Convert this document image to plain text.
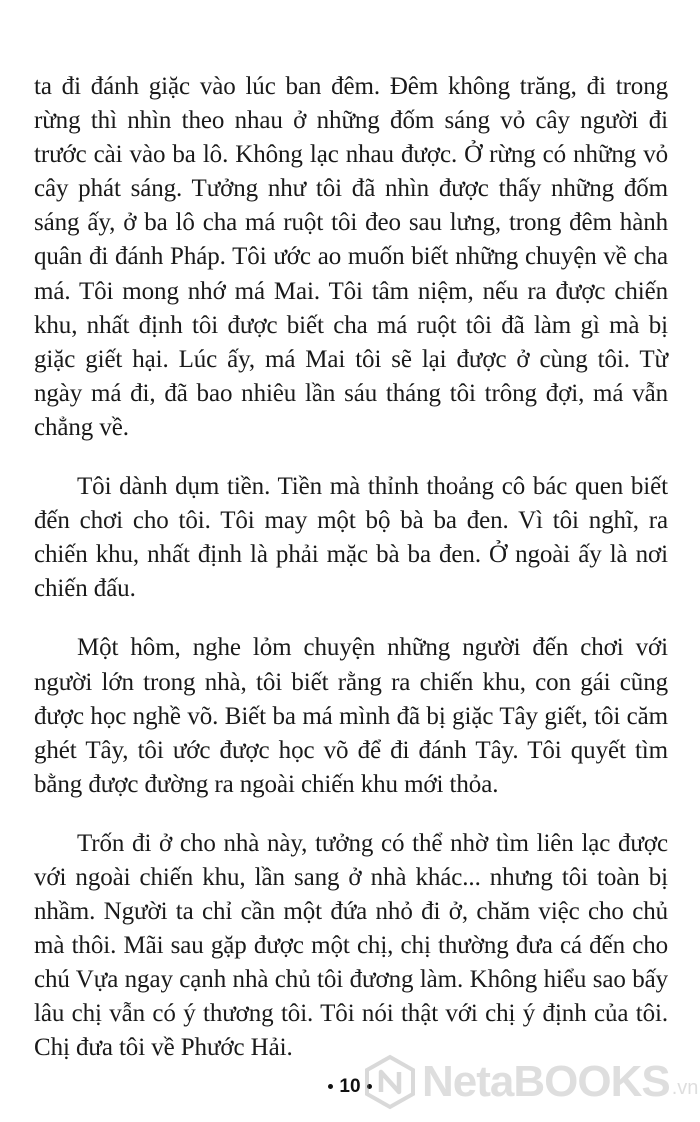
ta đi đánh giặc vào lúc ban đêm. Đêm không trăng, đi trong rừng thì nhìn theo nhau ở những đốm sáng vỏ cây người đi trước cài vào ba lô. Không lạc nhau được. Ở rừng có những vỏ cây phát sáng. Tưởng như tôi đã nhìn được thấy những đốm sáng ấy, ở ba lô cha má ruột tôi đeo sau lưng, trong đêm hành quân đi đánh Pháp. Tôi ước ao muốn biết những chuyện về cha má. Tôi mong nhớ má Mai. Tôi tâm niệm, nếu ra được chiến khu, nhất định tôi được biết cha má ruột tôi đã làm gì mà bị giặc giết hại. Lúc ấy, má Mai tôi sẽ lại được ở cùng tôi. Từ ngày má đi, đã bao nhiêu lần sáu tháng tôi trông đợi, má vẫn chẳng về.

Tôi dành dụm tiền. Tiền mà thỉnh thoảng cô bác quen biết đến chơi cho tôi. Tôi may một bộ bà ba đen. Vì tôi nghĩ, ra chiến khu, nhất định là phải mặc bà ba đen. Ở ngoài ấy là nơi chiến đấu.

Một hôm, nghe lỏm chuyện những người đến chơi với người lớn trong nhà, tôi biết rằng ra chiến khu, con gái cũng được học nghề võ. Biết ba má mình đã bị giặc Tây giết, tôi căm ghét Tây, tôi ước được học võ để đi đánh Tây. Tôi quyết tìm bằng được đường ra ngoài chiến khu mới thỏa.

Trốn đi ở cho nhà này, tưởng có thể nhờ tìm liên lạc được với ngoài chiến khu, lần sang ở nhà khác... nhưng tôi toàn bị nhầm. Người ta chỉ cần một đứa nhỏ đi ở, chăm việc cho chủ mà thôi. Mãi sau gặp được một chị, chị thường đưa cá đến cho chú Vựa ngay cạnh nhà chủ tôi đương làm. Không hiểu sao bấy lâu chị vẫn có ý thương tôi. Tôi nói thật với chị ý định của tôi. Chị đưa tôi về Phước Hải.

10	NetaBOOKS .vn
